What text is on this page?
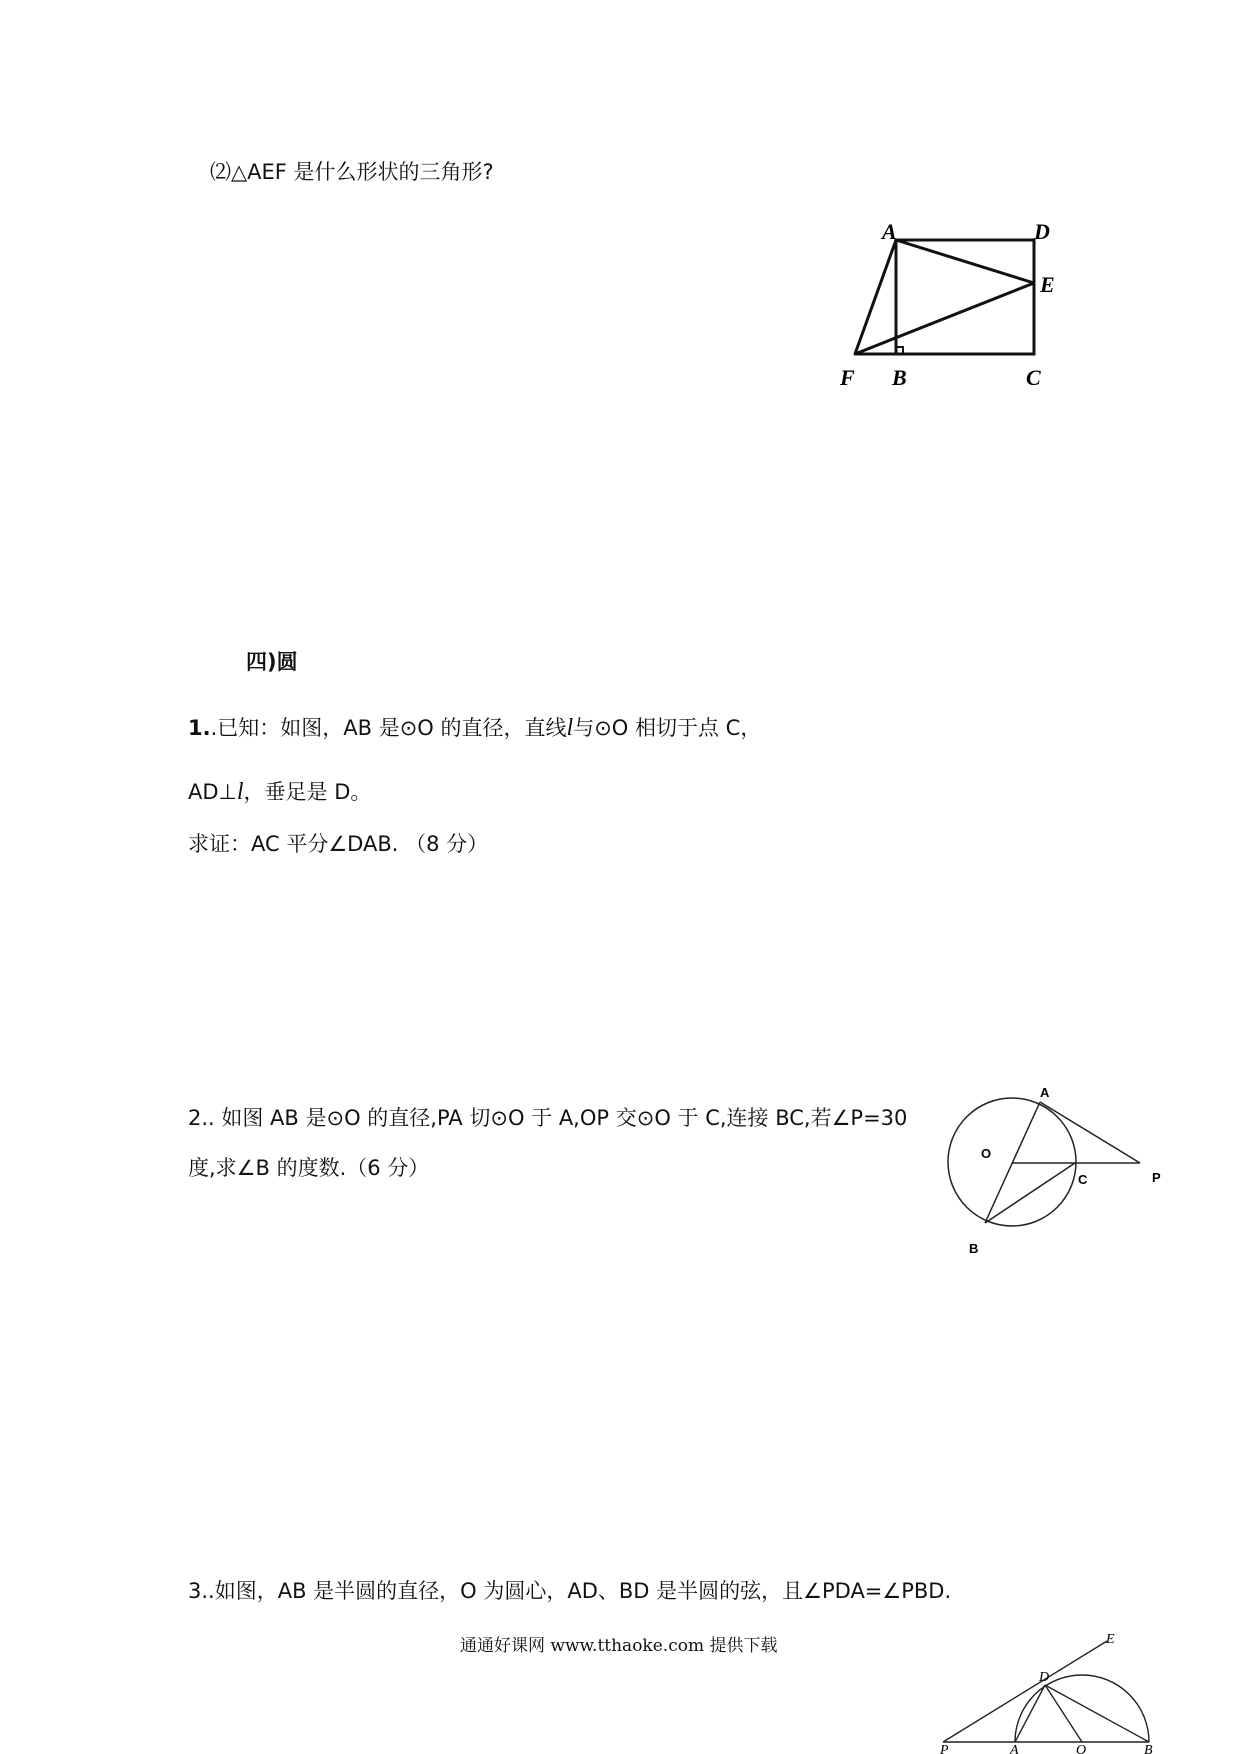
⑵△AEF 是什么形状的三角形?
A	D
E
F B	C
四)圆
1..已知：如图，AB 是⊙O 的直径，直线l与⊙O 相切于点 C，
AD⊥l，垂足是 D。
求证：AC 平分∠DAB. （8 分）
2.. 如图 AB 是⊙O 的直径,PA 切⊙O 于 A,OP 交⊙O 于 C,连接 BC,若∠P=30
度,求∠B 的度数.（6 分）
A
O
C	P
B
3..如图，AB 是半圆的直径，O 为圆心，AD、BD 是半圆的弦，且∠PDA=∠PBD.
通通好课网 www.tthaoke.com 提供下载	E
D
P	A	O	B
